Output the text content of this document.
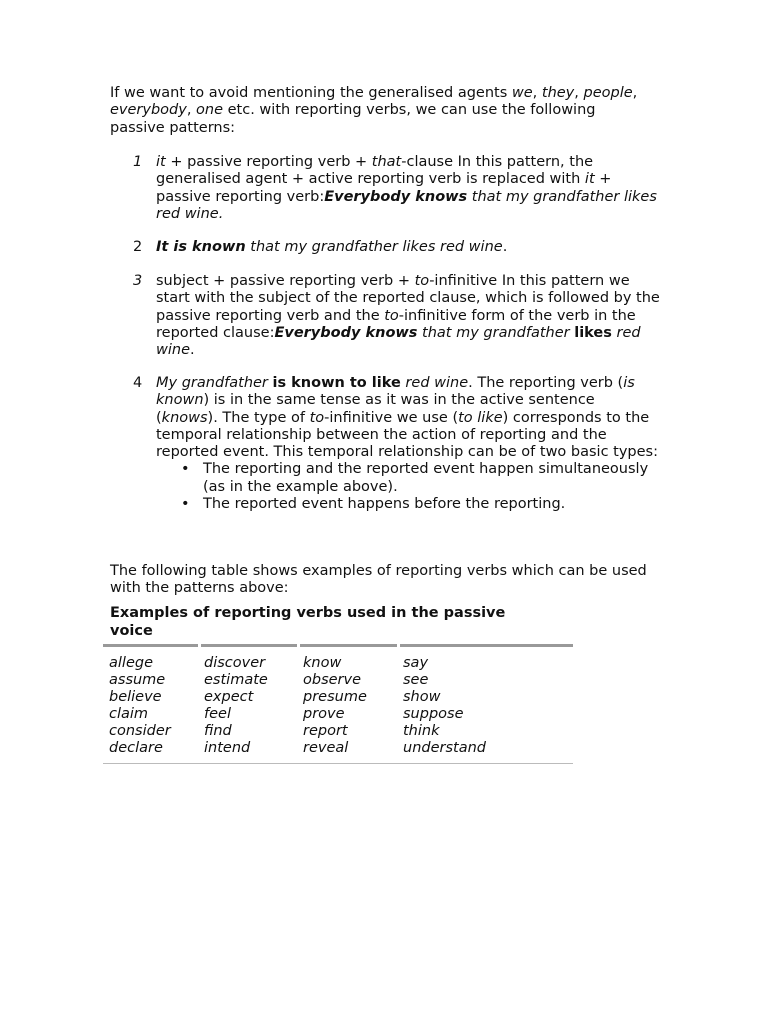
If we want to avoid mentioning the generalised agents we, they, people, everybody, one etc. with reporting verbs, we can use the following passive patterns:

1 it + passive reporting verb + that-clause In this pattern, the generalised agent + active reporting verb is replaced with it + passive reporting verb:Everybody knows that my grandfather likes red wine.
2 It is known that my grandfather likes red wine.
3 subject + passive reporting verb + to-infinitive In this pattern we start with the subject of the reported clause, which is followed by the passive reporting verb and the to-infinitive form of the verb in the reported clause:Everybody knows that my grandfather likes red wine.
4 My grandfather is known to like red wine. The reporting verb (is known) is in the same tense as it was in the active sentence (knows). The type of to-infinitive we use (to like) corresponds to the temporal relationship between the action of reporting and the reported event. This temporal relationship can be of two basic types:
• The reporting and the reported event happen simultaneously (as in the example above).
• The reported event happens before the reporting.

The following table shows examples of reporting verbs which can be used with the patterns above:

Examples of reporting verbs used in the passive voice
allege
assume
believe
claim
consider
declare
discover
estimate
expect
feel
find
intend
know
observe
presume
prove
report
reveal
say
see
show
suppose
think
understand
